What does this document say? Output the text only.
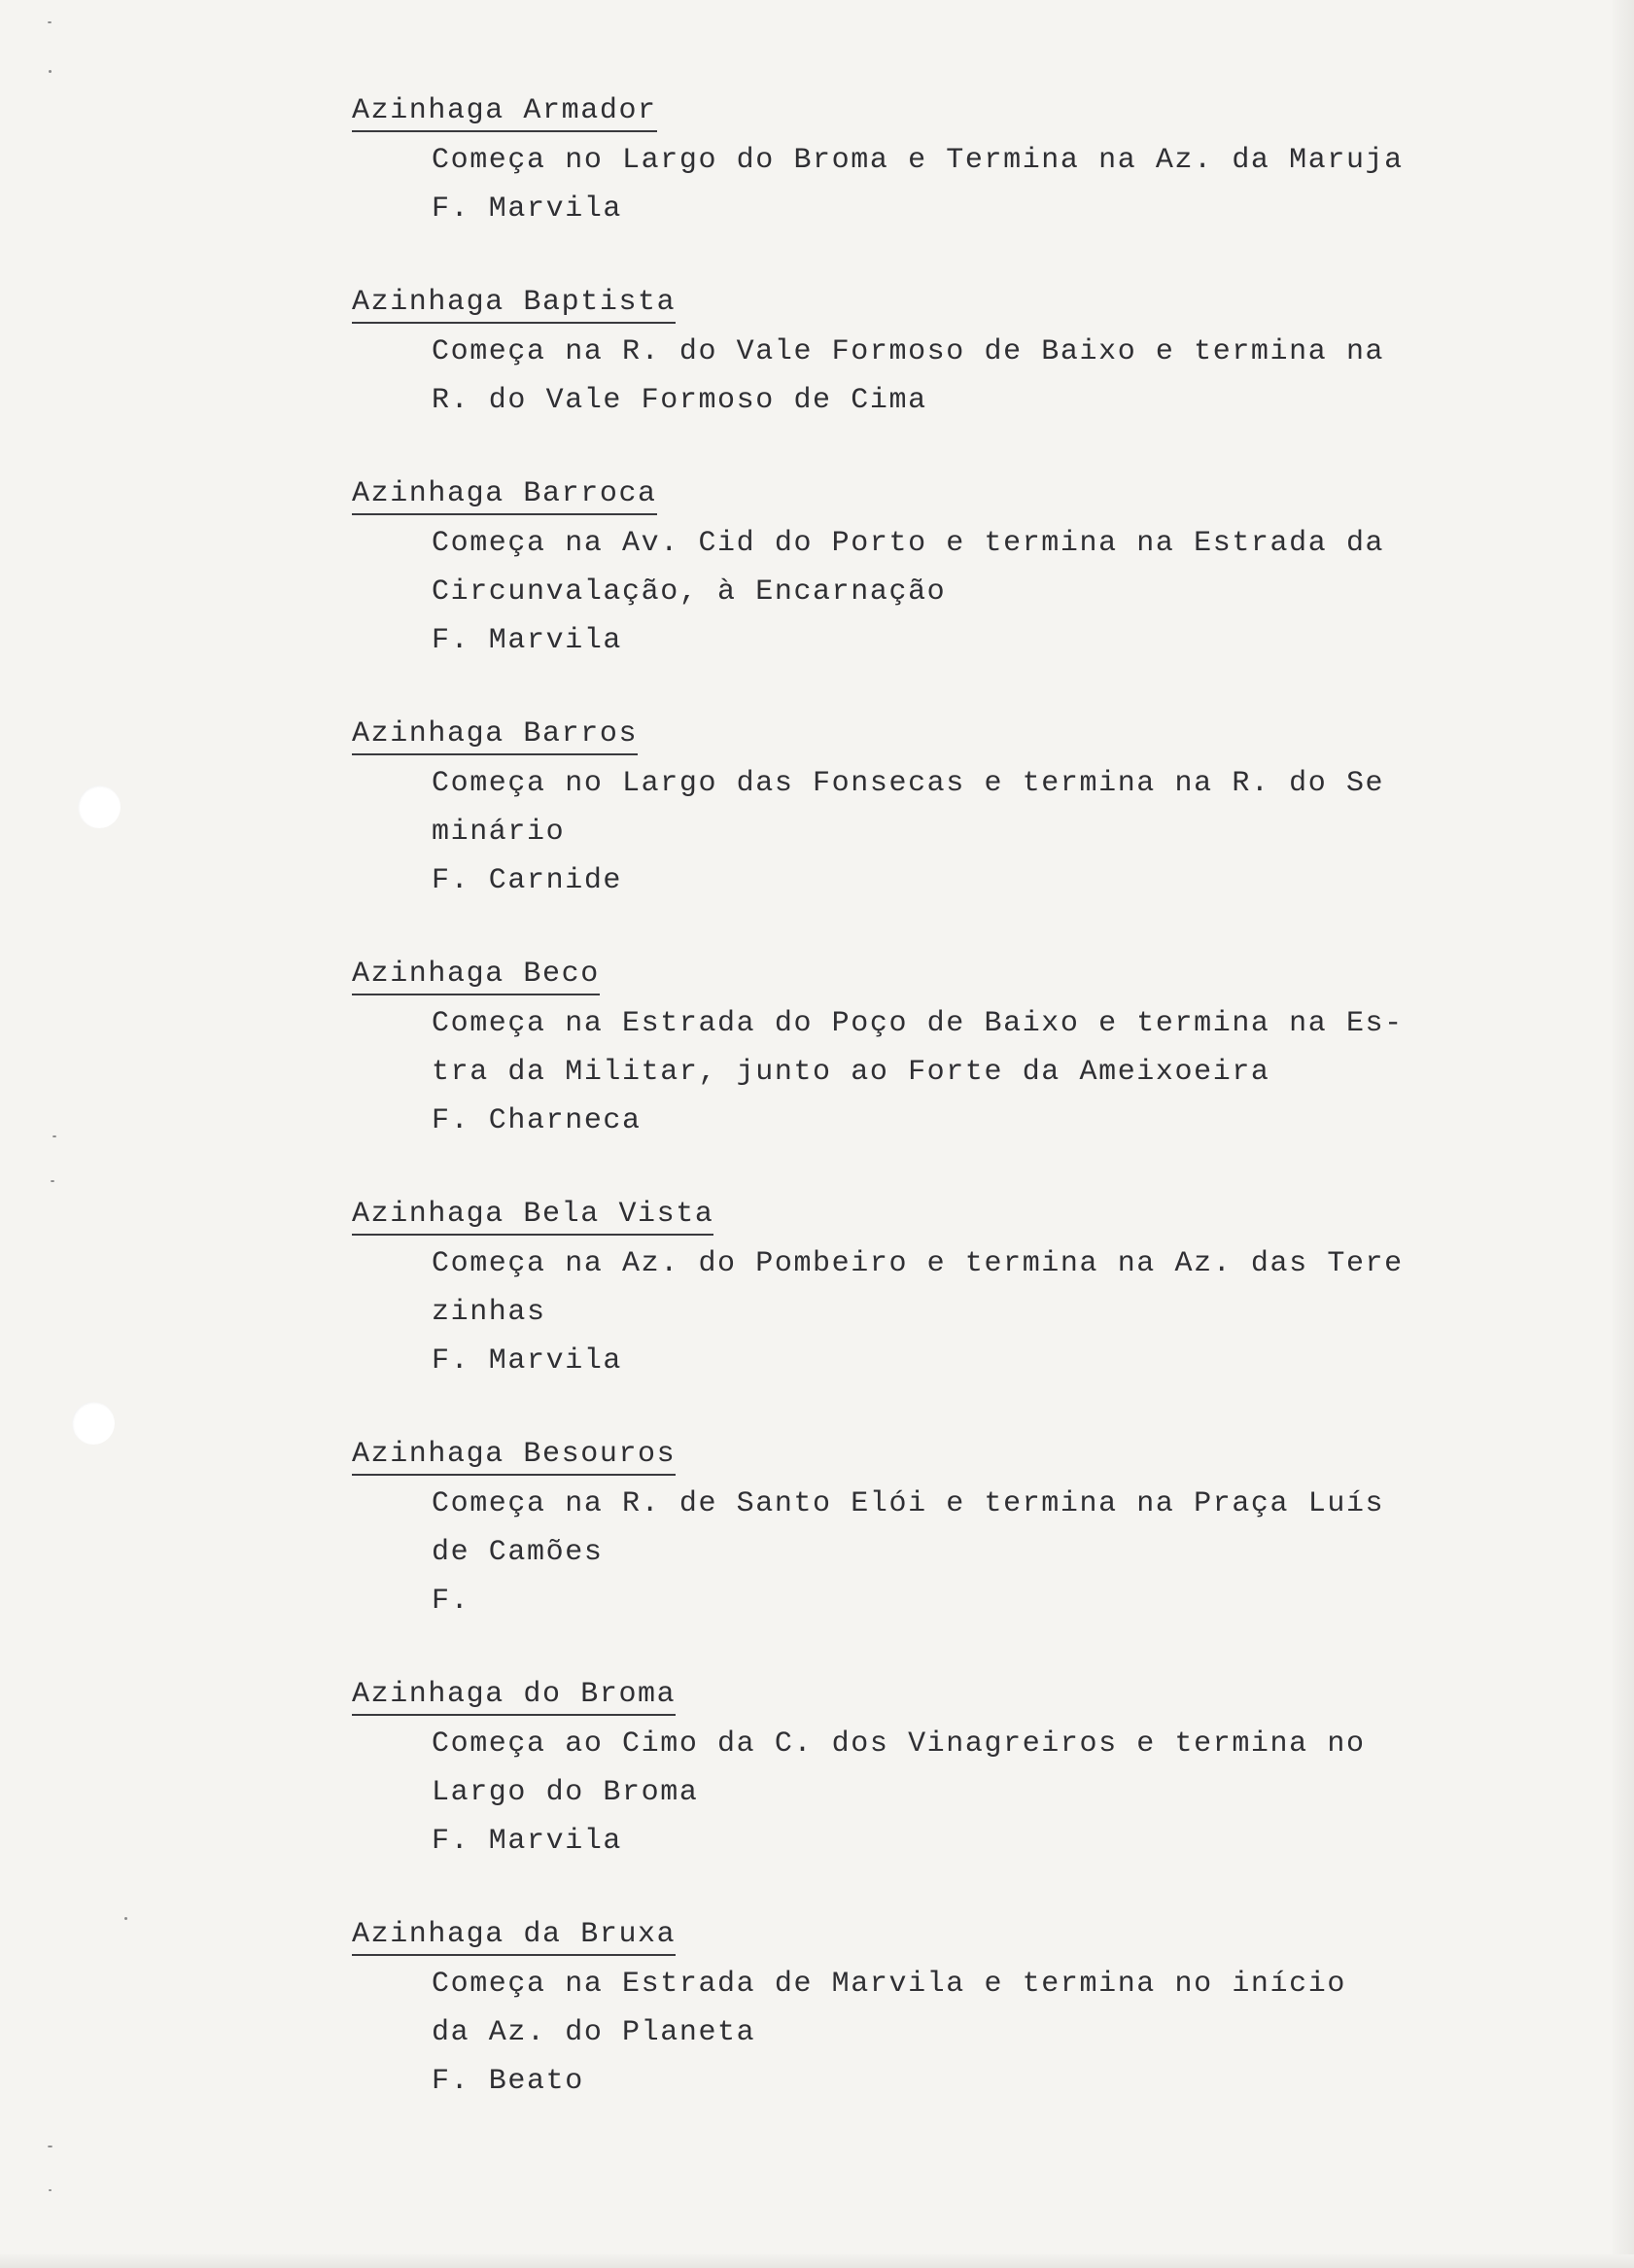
Azinhaga Armador
Começa no Largo do Broma e Termina na Az. da Maruja
F. Marvila
Azinhaga Baptista
Começa na R. do Vale Formoso de Baixo e termina na
R. do Vale Formoso de Cima
Azinhaga Barroca
Começa na Av. Cid do Porto e termina na Estrada da
Circunvalação, à Encarnação
F. Marvila
Azinhaga Barros
Começa no Largo das Fonsecas e termina na R. do Se
minário
F. Carnide
Azinhaga Beco
Começa na Estrada do Poço de Baixo e termina na Es-
tra da Militar, junto ao Forte da Ameixoeira
F. Charneca
Azinhaga Bela Vista
Começa na Az. do Pombeiro e termina na Az. das Tere
zinhas
F. Marvila
Azinhaga Besouros
Começa na R. de Santo Elói e termina na Praça Luís
de Camões
F.
Azinhaga do Broma
Começa ao Cimo da C. dos Vinagreiros e termina no
Largo do Broma
F. Marvila
Azinhaga da Bruxa
Começa na Estrada de Marvila e termina no início
da Az. do Planeta
F. Beato
